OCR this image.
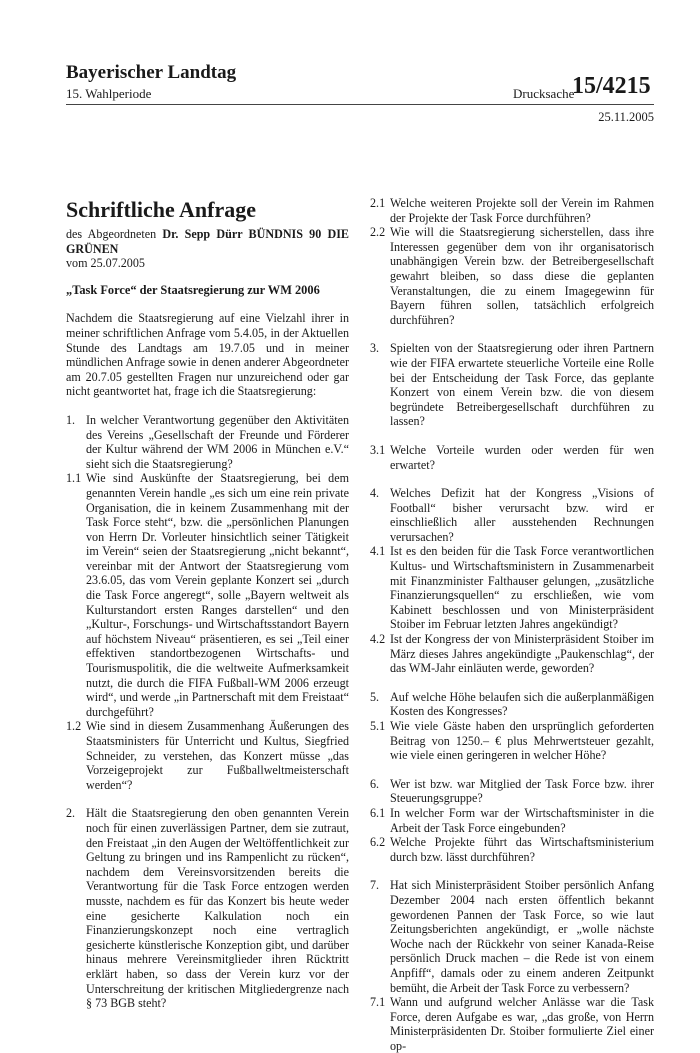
Bayerischer Landtag
15. Wahlperiode	Drucksache
15/4215
25.11.2005
Schriftliche Anfrage

des Abgeordneten Dr. Sepp Dürr BÜNDNIS 90 DIE GRÜNEN

vom 25.07.2005
„Task Force“ der Staatsregierung zur WM 2006

Nachdem die Staatsregierung auf eine Vielzahl ihrer in meiner schriftlichen Anfrage vom 5.4.05, in der Aktuellen Stunde des Landtags am 19.7.05 und in meiner mündlichen Anfrage sowie in denen anderer Abgeordneter am 20.7.05 gestellten Fragen nur unzureichend oder gar nicht geantwortet hat, frage ich die Staatsregierung:

1. In welcher Verantwortung gegenüber den Aktivitäten des Vereins „Gesellschaft der Freunde und Förderer der Kultur während der WM 2006 in München e.V.“ sieht sich die Staatsregierung?
1.1 Wie sind Auskünfte der Staatsregierung, bei dem genannten Verein handle „es sich um eine rein private Organisation, die in keinem Zusammenhang mit der Task Force steht“, bzw. die „persönlichen Planungen von Herrn Dr. Vorleuter hinsichtlich seiner Tätigkeit im Verein“ seien der Staatsregierung „nicht bekannt“, vereinbar mit der Antwort der Staatsregierung vom 23.6.05, das vom Verein geplante Konzert sei „durch die Task Force angeregt“, solle „Bayern weltweit als Kulturstandort ersten Ranges darstellen“ und den „Kultur-, Forschungs- und Wirtschaftsstandort Bayern auf höchstem Niveau“ präsentieren, es sei „Teil einer effektiven standortbezogenen Wirtschafts- und Tourismuspolitik, die die weltweite Aufmerksamkeit nutzt, die durch die FIFA Fußball-WM 2006 erzeugt wird“, und werde „in Partnerschaft mit dem Freistaat“ durchgeführt?
1.2 Wie sind in diesem Zusammenhang Äußerungen des Staatsministers für Unterricht und Kultus, Siegfried Schneider, zu verstehen, das Konzert müsse „das Vorzeigeprojekt zur Fußballweltmeisterschaft werden“?
2. Hält die Staatsregierung den oben genannten Verein noch für einen zuverlässigen Partner, dem sie zutraut, den Freistaat „in den Augen der Weltöffentlichkeit zur Geltung zu bringen und ins Rampenlicht zu rücken“, nachdem dem Vereinsvorsitzenden bereits die Verantwortung für die Task Force entzogen werden musste, nachdem es für das Konzert bis heute weder eine gesicherte Kalkulation noch ein Finanzierungskonzept noch eine vertraglich gesicherte künstlerische Konzeption gibt, und darüber hinaus mehrere Vereinsmitglieder ihren Rücktritt erklärt haben, so dass der Verein kurz vor der Unterschreitung der kritischen Mitgliedergrenze nach § 73 BGB steht?
2.1 Welche weiteren Projekte soll der Verein im Rahmen der Projekte der Task Force durchführen?
2.2 Wie will die Staatsregierung sicherstellen, dass ihre Interessen gegenüber dem von ihr organisatorisch unabhängigen Verein bzw. der Betreibergesellschaft gewahrt bleiben, so dass diese die geplanten Veranstaltungen, die zu einem Imagegewinn für Bayern führen sollen, tatsächlich erfolgreich durchführen?
3. Spielten von der Staatsregierung oder ihren Partnern wie der FIFA erwartete steuerliche Vorteile eine Rolle bei der Entscheidung der Task Force, das geplante Konzert von einem Verein bzw. die von diesem begründete Betreibergesellschaft durchführen zu lassen?
3.1 Welche Vorteile wurden oder werden für wen erwartet?
4. Welches Defizit hat der Kongress „Visions of Football“ bisher verursacht bzw. wird er einschließlich aller ausstehenden Rechnungen verursachen?
4.1 Ist es den beiden für die Task Force verantwortlichen Kultus- und Wirtschaftsministern in Zusammenarbeit mit Finanzminister Falthauser gelungen, „zusätzliche Finanzierungsquellen“ zu erschließen, wie vom Kabinett beschlossen und von Ministerpräsident Stoiber im Februar letzten Jahres angekündigt?
4.2 Ist der Kongress der von Ministerpräsident Stoiber im März dieses Jahres angekündigte „Paukenschlag“, der das WM-Jahr einläuten werde, geworden?
5. Auf welche Höhe belaufen sich die außerplanmäßigen Kosten des Kongresses?
5.1 Wie viele Gäste haben den ursprünglich geforderten Beitrag von 1250.– € plus Mehrwertsteuer gezahlt, wie viele einen geringeren in welcher Höhe?
6. Wer ist bzw. war Mitglied der Task Force bzw. ihrer Steuerungsgruppe?
6.1 In welcher Form war der Wirtschaftsminister in die Arbeit der Task Force eingebunden?
6.2 Welche Projekte führt das Wirtschaftsministerium durch bzw. lässt durchführen?
7. Hat sich Ministerpräsident Stoiber persönlich Anfang Dezember 2004 nach ersten öffentlich bekannt gewordenen Pannen der Task Force, so wie laut Zeitungsberichten angekündigt, er „wolle nächste Woche nach der Rückkehr von seiner Kanada-Reise persönlich Druck machen – die Rede ist von einem Anpfiff“, damals oder zu einem anderen Zeitpunkt bemüht, die Arbeit der Task Force zu verbessern?
7.1 Wann und aufgrund welcher Anlässe war die Task Force, deren Aufgabe es war, „das große, von Herrn Ministerpräsidenten Dr. Stoiber formulierte Ziel einer op-
